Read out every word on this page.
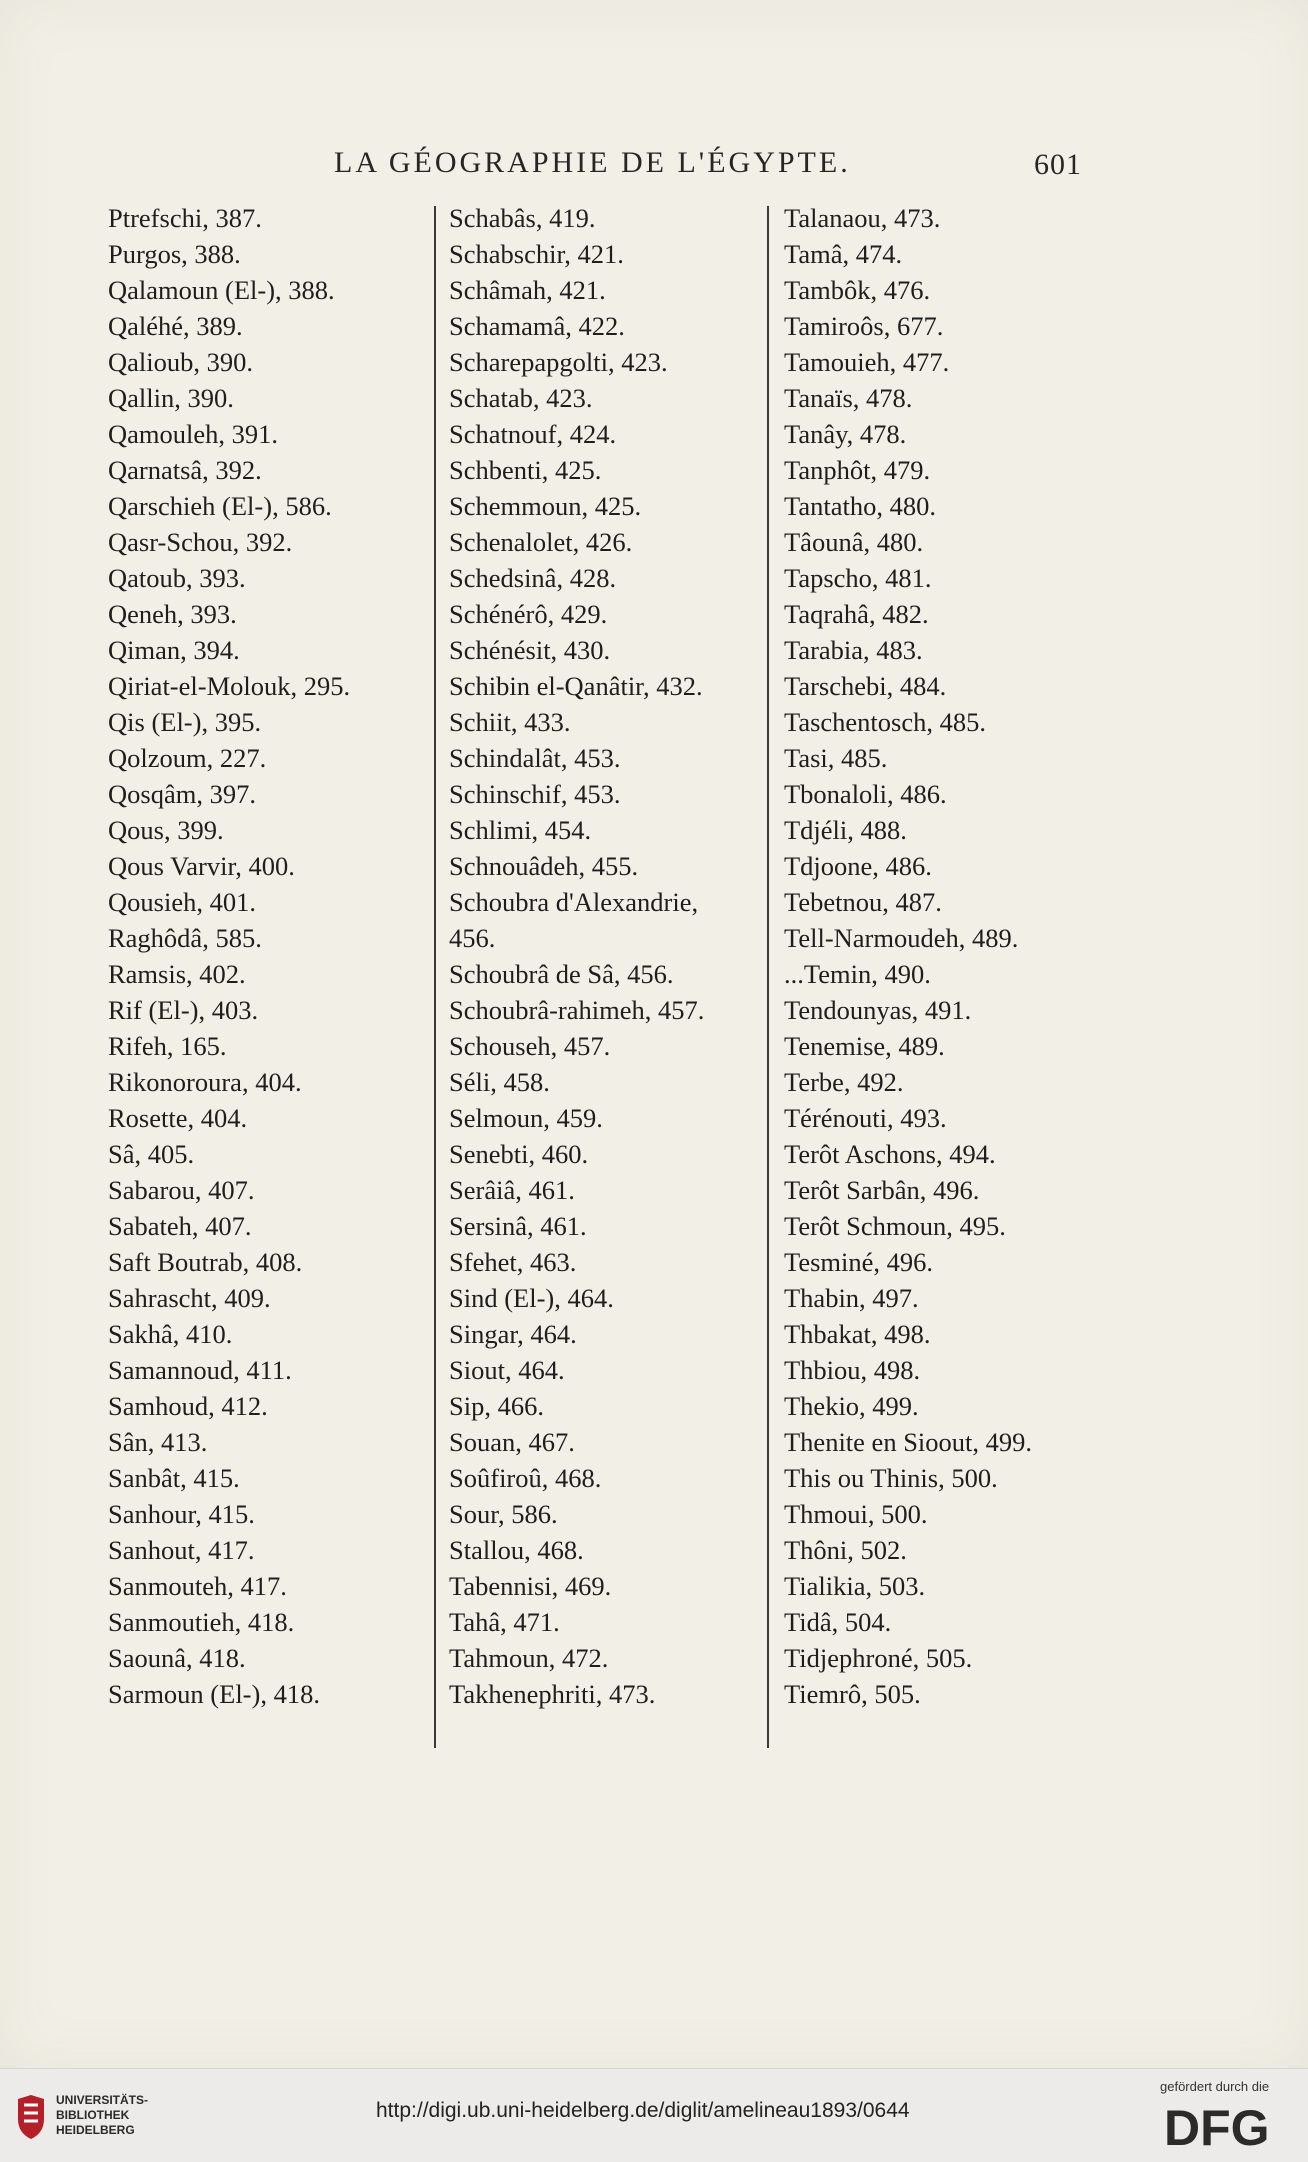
LA GÉOGRAPHIE DE L'ÉGYPTE.	601
Ptrefschi, 387.
Purgos, 388.
Qalamoun (El-), 388.
Qaléhé, 389.
Qalioub, 390.
Qallin, 390.
Qamouleh, 391.
Qarnatsâ, 392.
Qarschieh (El-), 586.
Qasr-Schou, 392.
Qatoub, 393.
Qeneh, 393.
Qiman, 394.
Qiriat-el-Molouk, 295.
Qis (El-), 395.
Qolzoum, 227.
Qosqâm, 397.
Qous, 399.
Qous Varvir, 400.
Qousieh, 401.
Raghôdâ, 585.
Ramsis, 402.
Rif (El-), 403.
Rifeh, 165.
Rikonoroura, 404.
Rosette, 404.
Sâ, 405.
Sabarou, 407.
Sabateh, 407.
Saft Boutrab, 408.
Sahrascht, 409.
Sakhâ, 410.
Samannoud, 411.
Samhoud, 412.
Sân, 413.
Sanbât, 415.
Sanhour, 415.
Sanhout, 417.
Sanmouteh, 417.
Sanmoutieh, 418.
Saounâ, 418.
Sarmoun (El-), 418.
Schabâs, 419.
Schabschir, 421.
Schâmah, 421.
Schamamâ, 422.
Scharepapgolti, 423.
Schatab, 423.
Schatnouf, 424.
Schbenti, 425.
Schemmoun, 425.
Schenalolet, 426.
Schedsinâ, 428.
Schénérô, 429.
Schénésit, 430.
Schibin el-Qanâtir, 432.
Schiit, 433.
Schindalât, 453.
Schinschif, 453.
Schlimi, 454.
Schnouâdeh, 455.
Schoubra d'Alexandrie,
456.
Schoubrâ de Sâ, 456.
Schoubrâ-rahimeh, 457.
Schouseh, 457.
Séli, 458.
Selmoun, 459.
Senebti, 460.
Serâiâ, 461.
Sersinâ, 461.
Sfehet, 463.
Sind (El-), 464.
Singar, 464.
Siout, 464.
Sip, 466.
Souan, 467.
Soûfiroû, 468.
Sour, 586.
Stallou, 468.
Tabennisi, 469.
Tahâ, 471.
Tahmoun, 472.
Takhenephriti, 473.
Talanaou, 473.
Tamâ, 474.
Tambôk, 476.
Tamiroôs, 677.
Tamouieh, 477.
Tanaïs, 478.
Tanây, 478.
Tanphôt, 479.
Tantatho, 480.
Tâounâ, 480.
Tapscho, 481.
Taqrahâ, 482.
Tarabia, 483.
Tarschebi, 484.
Taschentosch, 485.
Tasi, 485.
Tbonaloli, 486.
Tdjéli, 488.
Tdjoone, 486.
Tebetnou, 487.
Tell-Narmoudeh, 489.
...Temin, 490.
Tendounyas, 491.
Tenemise, 489.
Terbe, 492.
Térénouti, 493.
Terôt Aschons, 494.
Terôt Sarbân, 496.
Terôt Schmoun, 495.
Tesminé, 496.
Thabin, 497.
Thbakat, 498.
Thbiou, 498.
Thekio, 499.
Thenite en Sioout, 499.
This ou Thinis, 500.
Thmoui, 500.
Thôni, 502.
Tialikia, 503.
Tidâ, 504.
Tidjephroné, 505.
Tiemrô, 505.
UNIVERSITÄTS-
BIBLIOTHEK
HEIDELBERG
http://digi.ub.uni-heidelberg.de/diglit/amelineau1893/0644
gefördert durch die
DFG
